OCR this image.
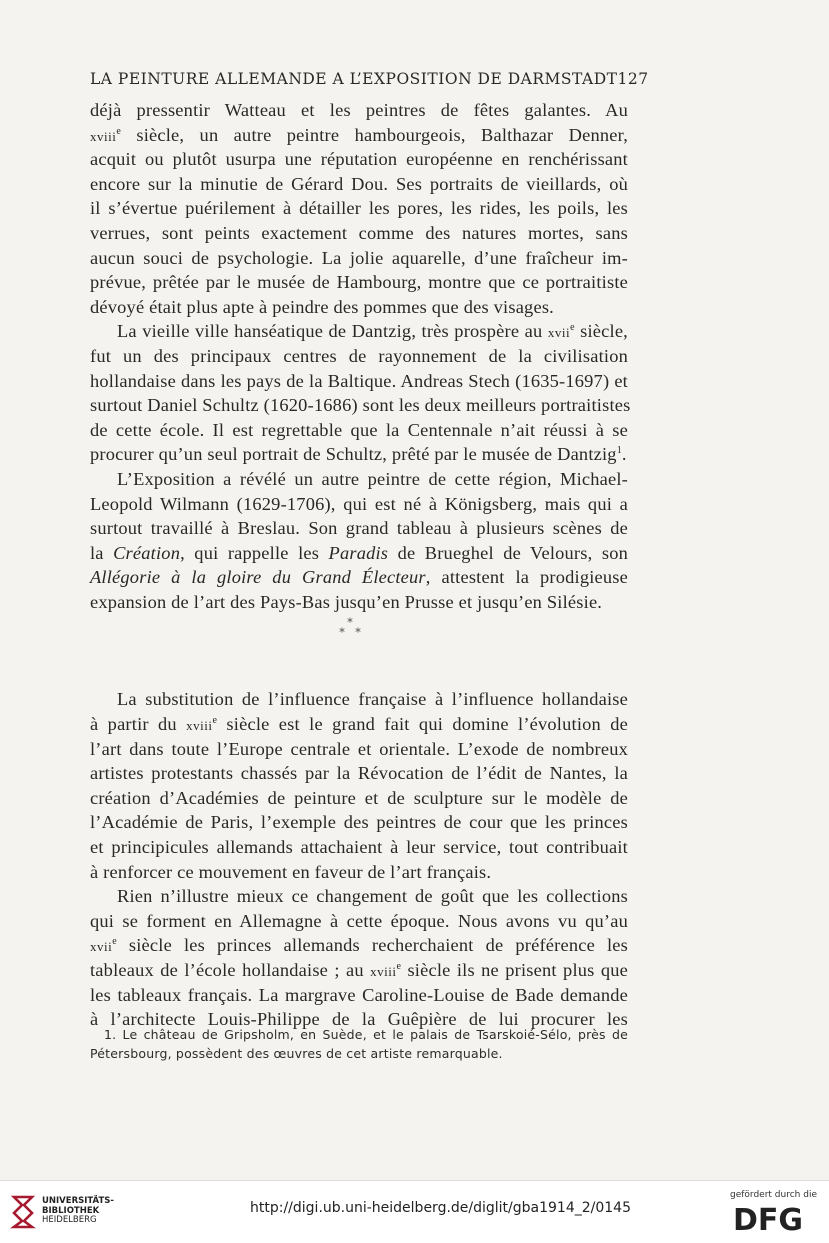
LA PEINTURE ALLEMANDE A L’EXPOSITION DE DARMSTADT 127
déjà pressentir Watteau et les peintres de fêtes galantes. Au
xviii$^e$ siècle, un autre peintre hambourgeois, Balthazar Denner,
acquit ou plutôt usurpa une réputation européenne en renchérissant
encore sur la minutie de Gérard Dou. Ses portraits de vieillards, où
il s’évertue puérilement à détailler les pores, les rides, les poils, les
verrues, sont peints exactement comme des natures mortes, sans
aucun souci de psychologie. La jolie aquarelle, d’une fraîcheur im-
prévue, prêtée par le musée de Hambourg, montre que ce portraitiste
dévoyé était plus apte à peindre des pommes que des visages.
La vieille ville hanséatique de Dantzig, très prospère au xvii$^e$ siècle,
fut un des principaux centres de rayonnement de la civilisation
hollandaise dans les pays de la Baltique. Andreas Stech (1635-1697) et
surtout Daniel Schultz (1620-1686) sont les deux meilleurs portraitistes
de cette école. Il est regrettable que la Centennale n’ait réussi à se
procurer qu’un seul portrait de Schultz, prêté par le musée de Dantzig$^1$.
L’Exposition a révélé un autre peintre de cette région, Michael-
Leopold Wilmann (1629-1706), qui est né à Königsberg, mais qui a
surtout travaillé à Breslau. Son grand tableau à plusieurs scènes de
la Création, qui rappelle les Paradis de Brueghel de Velours, son
Allégorie à la gloire du Grand Électeur, attestent la prodigieuse
expansion de l’art des Pays-Bas jusqu’en Prusse et jusqu’en Silésie.
La substitution de l’influence française à l’influence hollandaise
à partir du xviii$^e$ siècle est le grand fait qui domine l’évolution de
l’art dans toute l’Europe centrale et orientale. L’exode de nombreux
artistes protestants chassés par la Révocation de l’édit de Nantes, la
création d’Académies de peinture et de sculpture sur le modèle de
l’Académie de Paris, l’exemple des peintres de cour que les princes
et principicules allemands attachaient à leur service, tout contribuait
à renforcer ce mouvement en faveur de l’art français.
Rien n’illustre mieux ce changement de goût que les collections
qui se forment en Allemagne à cette époque. Nous avons vu qu’au
xvii$^e$ siècle les princes allemands recherchaient de préférence les
tableaux de l’école hollandaise ; au xviii$^e$ siècle ils ne prisent plus que
les tableaux français. La margrave Caroline-Louise de Bade demande
à l’architecte Louis-Philippe de la Guêpière de lui procurer les
*
* *
1. Le château de Gripsholm, en Suède, et le palais de Tsarskoié-Sélo, près de
Pétersbourg, possèdent des œuvres de cet artiste remarquable.
UNIVERSITÄTS-
BIBLIOTHEK
HEIDELBERG
http://digi.ub.uni-heidelberg.de/diglit/gba1914_2/0145
gefördert durch die
DFG
